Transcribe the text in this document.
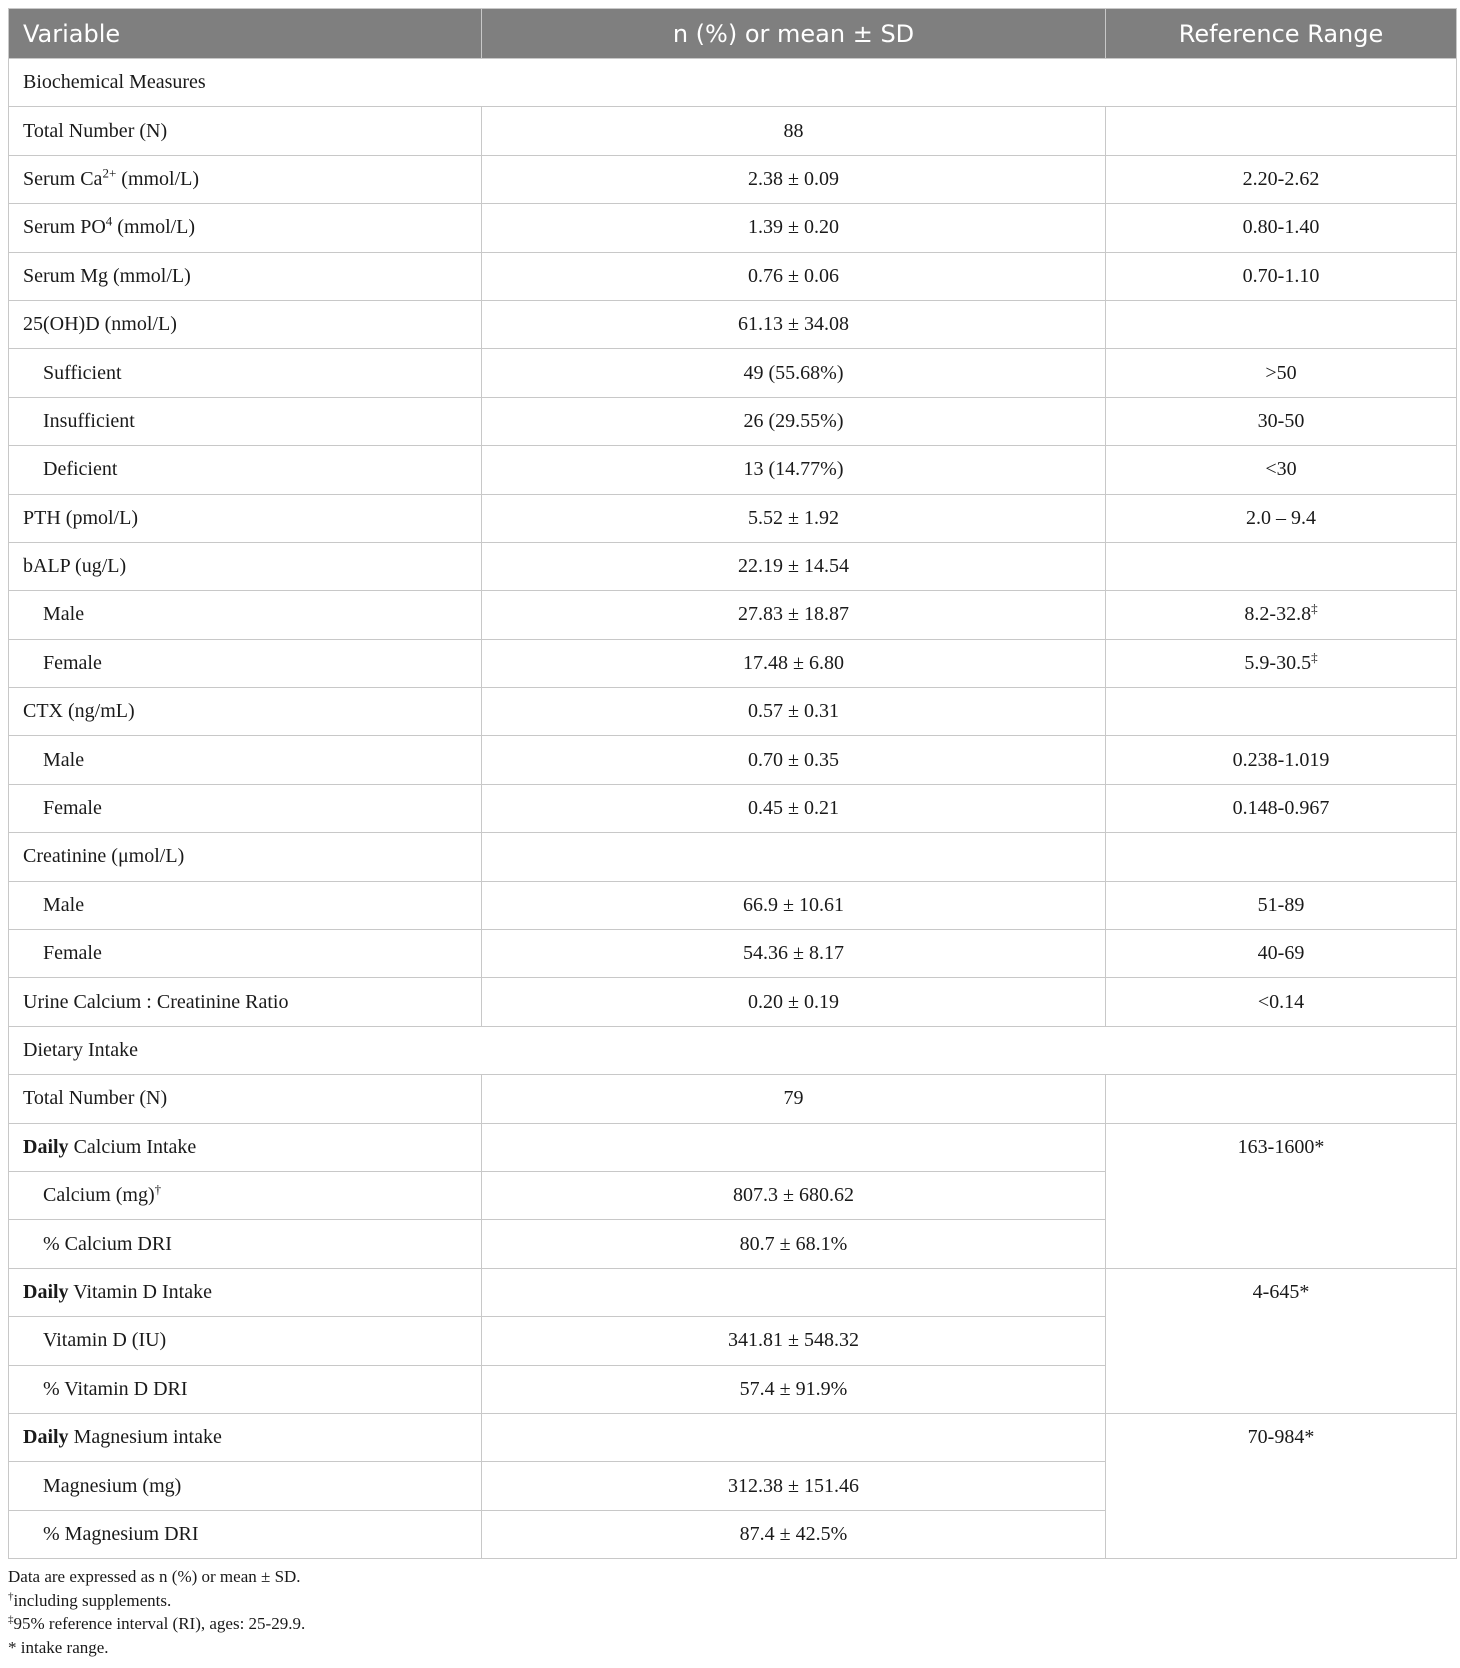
Variable	n (%) or mean ± SD	Reference Range
Biochemical Measures		
Total Number (N)	88	
Serum $Ca^{2+}$ (mmol/L)	2.38 ± 0.09	2.20-2.62
Serum $PO^4$ (mmol/L)	1.39 ± 0.20	0.80-1.40
Serum Mg (mmol/L)	0.76 ± 0.06	0.70-1.10
25(OH)D (nmol/L)	61.13 ± 34.08	
Sufficient	49 (55.68%)	>50
Insufficient	26 (29.55%)	30-50
Deficient	13 (14.77%)	<30
PTH (pmol/L)	5.52 ± 1.92	2.0 – 9.4
bALP (ug/L)	22.19 ± 14.54	
Male	27.83 ± 18.87	8.2-32.8‡
Female	17.48 ± 6.80	5.9-30.5‡
CTX (ng/mL)	0.57 ± 0.31	
Male	0.70 ± 0.35	0.238-1.019
Female	0.45 ± 0.21	0.148-0.967
Creatinine (μmol/L)		
Male	66.9 ± 10.61	51-89
Female	54.36 ± 8.17	40-69
Urine Calcium : Creatinine Ratio	0.20 ± 0.19	<0.14
Dietary Intake		
Total Number (N)	79	
Daily Calcium Intake		163-1600*
Calcium (mg)†	807.3 ± 680.62	
% Calcium DRI	80.7 ± 68.1%	
Daily Vitamin D Intake		4-645*
Vitamin D (IU)	341.81 ± 548.32	
% Vitamin D DRI	57.4 ± 91.9%	
Daily Magnesium intake		70-984*
Magnesium (mg)	312.38 ± 151.46	
% Magnesium DRI	87.4 ± 42.5%	
Data are expressed as n (%) or mean ± SD.
†including supplements.
‡95% reference interval (RI), ages: 25-29.9.
* intake range.
